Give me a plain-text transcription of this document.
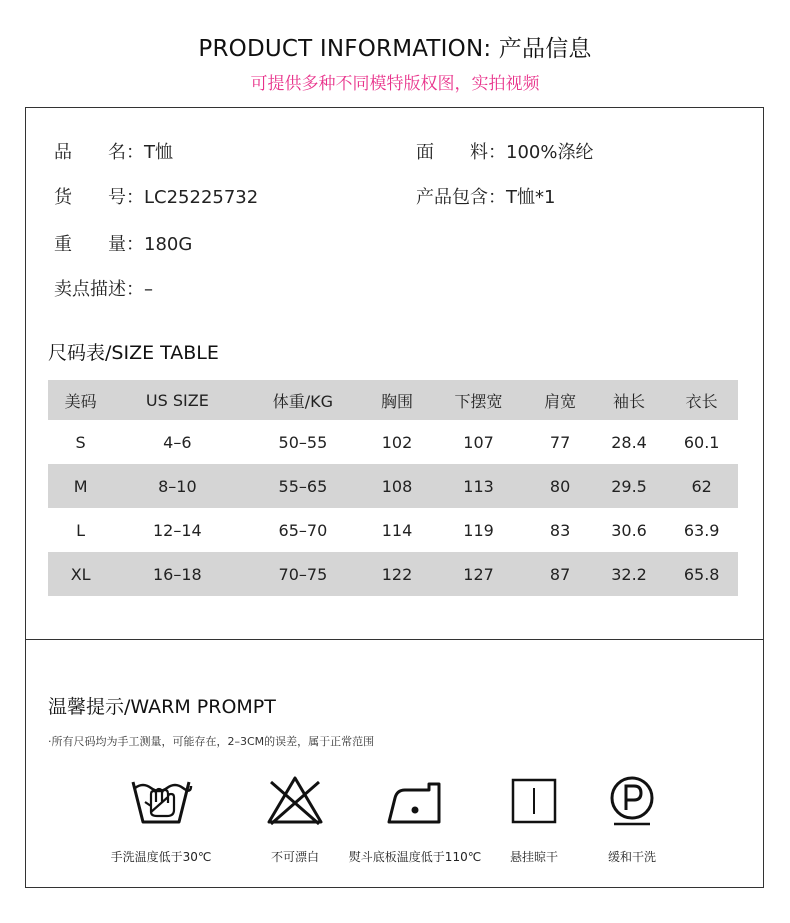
PRODUCT INFORMATION: 产品信息
可提供多种不同模特版权图，实拍视频
品　　名：T恤	面　　料：100%涤纶
货　　号：LC25225732	产品包含：T恤*1
重　　量：180G
卖点描述：–
尺码表/SIZE TABLE
美码	US SIZE	体重/KG	胸围	下摆宽	肩宽	袖长	衣长
S	4–6	50–55	102	107	77	28.4	60.1
M	8–10	55–65	108	113	80	29.5	62
L	12–14	65–70	114	119	83	30.6	63.9
XL	16–18	70–75	122	127	87	32.2	65.8
温馨提示/WARM PROMPT
·所有尺码均为手工测量，可能存在，2–3CM的误差，属于正常范围
手洗温度低于30℃	不可漂白 熨斗底板温度低于110℃ 悬挂晾干	缓和干洗
